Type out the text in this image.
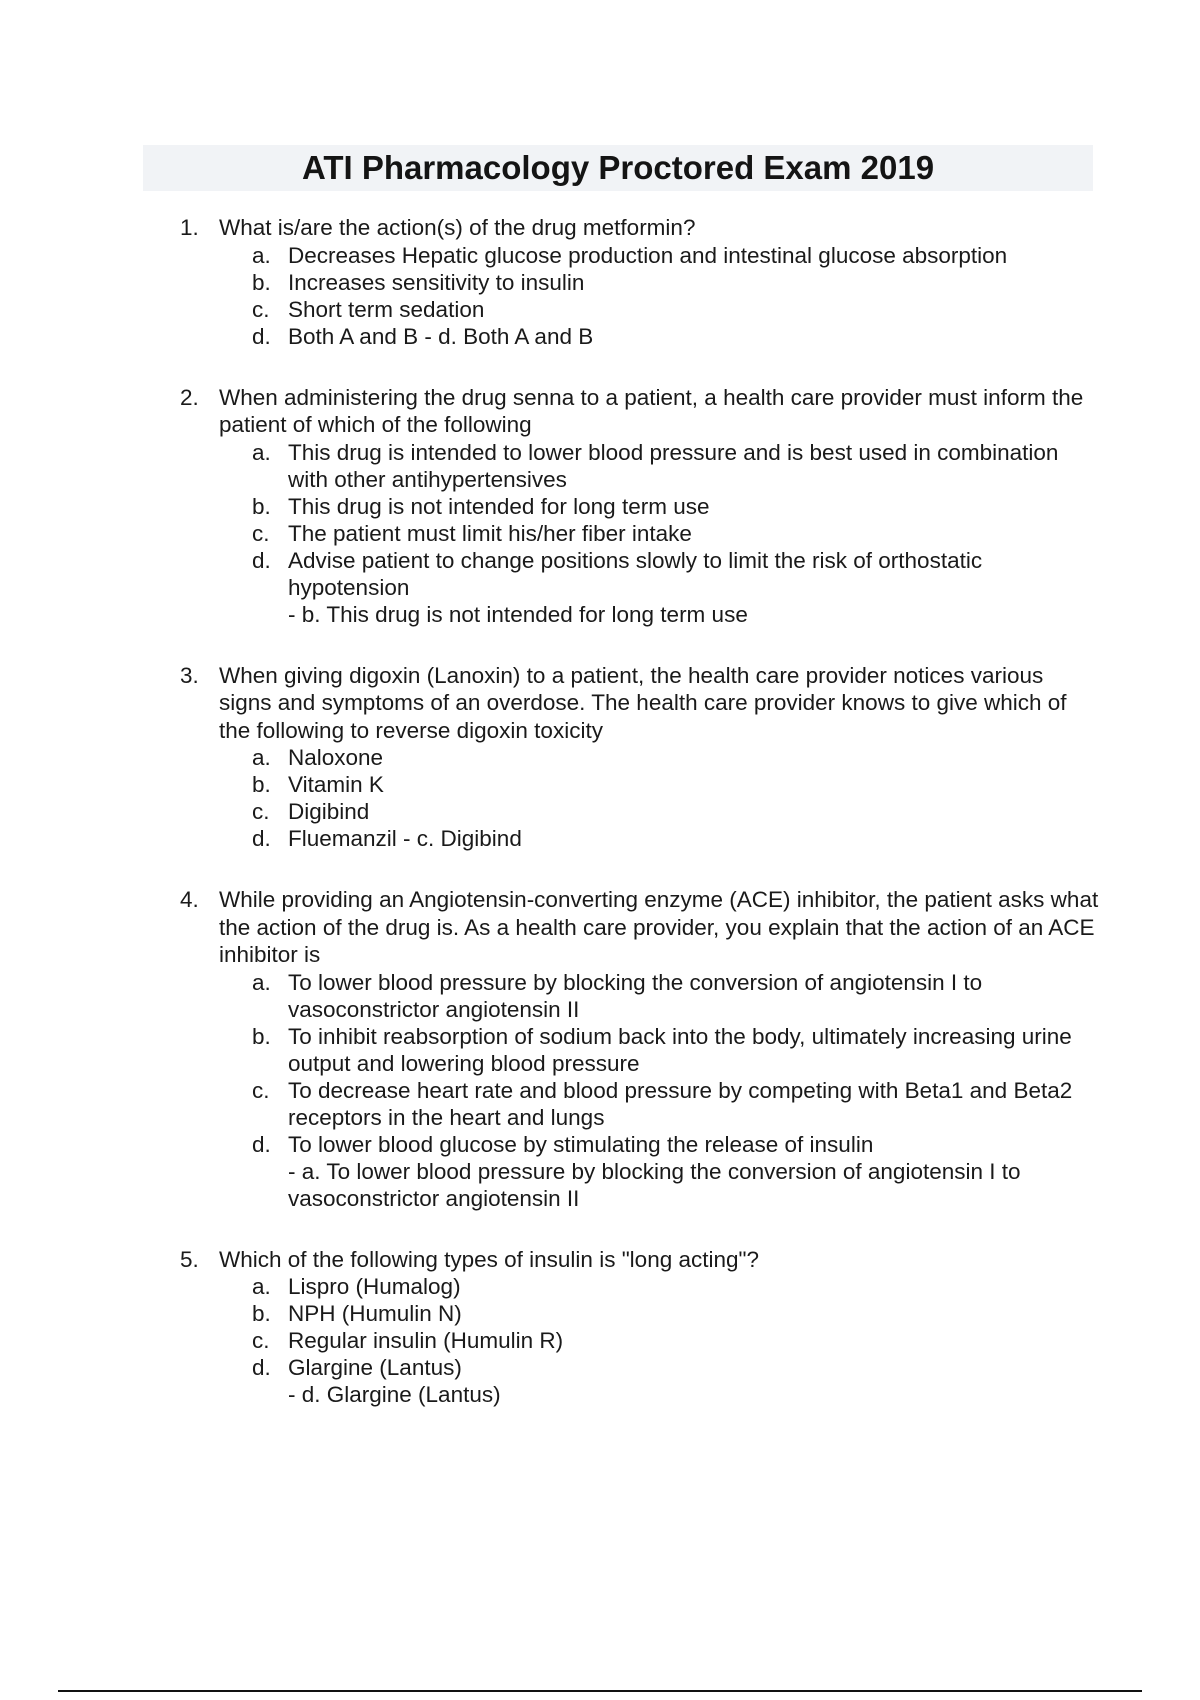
ATI Pharmacology Proctored Exam 2019
1. What is/are the action(s) of the drug metformin?
a. Decreases Hepatic glucose production and intestinal glucose absorption
b. Increases sensitivity to insulin
c. Short term sedation
d. Both A and B - d. Both A and B
2. When administering the drug senna to a patient, a health care provider must inform the patient of which of the following
a. This drug is intended to lower blood pressure and is best used in combination with other antihypertensives
b. This drug is not intended for long term use
c. The patient must limit his/her fiber intake
d. Advise patient to change positions slowly to limit the risk of orthostatic hypotension
- b. This drug is not intended for long term use
3. When giving digoxin (Lanoxin) to a patient, the health care provider notices various signs and symptoms of an overdose. The health care provider knows to give which of the following to reverse digoxin toxicity
a. Naloxone
b. Vitamin K
c. Digibind
d. Fluemanzil - c. Digibind
4. While providing an Angiotensin-converting enzyme (ACE) inhibitor, the patient asks what the action of the drug is. As a health care provider, you explain that the action of an ACE inhibitor is
a. To lower blood pressure by blocking the conversion of angiotensin I to vasoconstrictor angiotensin II
b. To inhibit reabsorption of sodium back into the body, ultimately increasing urine output and lowering blood pressure
c. To decrease heart rate and blood pressure by competing with Beta1 and Beta2 receptors in the heart and lungs
d. To lower blood glucose by stimulating the release of insulin
- a. To lower blood pressure by blocking the conversion of angiotensin I to vasoconstrictor angiotensin II
5. Which of the following types of insulin is "long acting"?
a. Lispro (Humalog)
b. NPH (Humulin N)
c. Regular insulin (Humulin R)
d. Glargine (Lantus)
- d. Glargine (Lantus)
